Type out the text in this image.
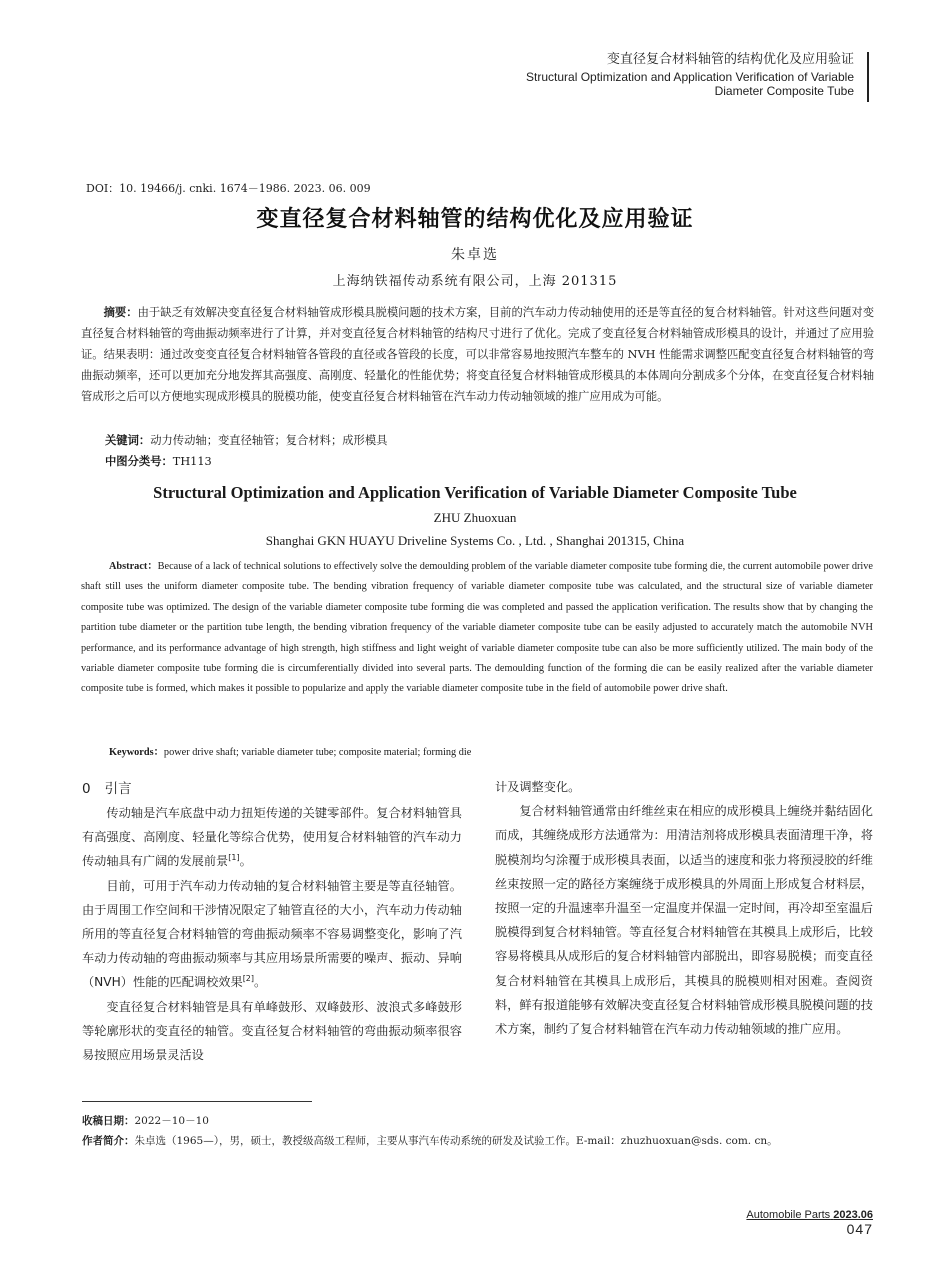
变直径复合材料轴管的结构优化及应用验证
Structural Optimization and Application Verification of Variable
Diameter Composite Tube
DOI：10. 19466/j. cnki. 1674－1986. 2023. 06. 009
变直径复合材料轴管的结构优化及应用验证
朱卓选
上海纳铁福传动系统有限公司，上海 201315
摘要：由于缺乏有效解决变直径复合材料轴管成形模具脱模问题的技术方案，目前的汽车动力传动轴使用的还是等直径的复合材料轴管。针对这些问题对变直径复合材料轴管的弯曲振动频率进行了计算，并对变直径复合材料轴管的结构尺寸进行了优化。完成了变直径复合材料轴管成形模具的设计，并通过了应用验证。结果表明：通过改变变直径复合材料轴管各管段的直径或各管段的长度，可以非常容易地按照汽车整车的 NVH 性能需求调整匹配变直径复合材料轴管的弯曲振动频率，还可以更加充分地发挥其高强度、高刚度、轻量化的性能优势；将变直径复合材料轴管成形模具的本体周向分割成多个分体，在变直径复合材料轴管成形之后可以方便地实现成形模具的脱模功能，使变直径复合材料轴管在汽车动力传动轴领域的推广应用成为可能。
关键词：动力传动轴；变直径轴管；复合材料；成形模具
中图分类号：TH113
Structural Optimization and Application Verification of Variable Diameter Composite Tube
ZHU Zhuoxuan
Shanghai GKN HUAYU Driveline Systems Co. , Ltd. , Shanghai 201315, China
Abstract：Because of a lack of technical solutions to effectively solve the demoulding problem of the variable diameter composite tube forming die, the current automobile power drive shaft still uses the uniform diameter composite tube. The bending vibration frequency of variable diameter composite tube was calculated, and the structural size of variable diameter composite tube was optimized. The design of the variable diameter composite tube forming die was completed and passed the application verification. The results show that by changing the partition tube diameter or the partition tube length, the bending vibration frequency of the variable diameter composite tube can be easily adjusted to accurately match the automobile NVH performance, and its performance advantage of high strength, high stiffness and light weight of variable diameter composite tube can also be more sufficiently utilized. The main body of the variable diameter composite tube forming die is circumferentially divided into several parts. The demoulding function of the forming die can be easily realized after the variable diameter composite tube is formed, which makes it possible to popularize and apply the variable diameter composite tube in the field of automobile power drive shaft.
Keywords：power drive shaft; variable diameter tube; composite material; forming die
0 引言

传动轴是汽车底盘中动力扭矩传递的关键零部件。复合材料轴管具有高强度、高刚度、轻量化等综合优势，使用复合材料轴管的汽车动力传动轴具有广阔的发展前景[1]。

目前，可用于汽车动力传动轴的复合材料轴管主要是等直径轴管。由于周围工作空间和干涉情况限定了轴管直径的大小，汽车动力传动轴所用的等直径复合材料轴管的弯曲振动频率不容易调整变化，影响了汽车动力传动轴的弯曲振动频率与其应用场景所需要的噪声、振动、异响（NVH）性能的匹配调校效果[2]。

变直径复合材料轴管是具有单峰鼓形、双峰鼓形、波浪式多峰鼓形等轮廓形状的变直径的轴管。变直径复合材料轴管的弯曲振动频率很容易按照应用场景灵活设

计及调整变化。

复合材料轴管通常由纤维丝束在相应的成形模具上缠绕并黏结固化而成，其缠绕成形方法通常为：用清洁剂将成形模具表面清理干净，将脱模剂均匀涂覆于成形模具表面，以适当的速度和张力将预浸胶的纤维丝束按照一定的路径方案缠绕于成形模具的外周面上形成复合材料层，按照一定的升温速率升温至一定温度并保温一定时间，再冷却至室温后脱模得到复合材料轴管。等直径复合材料轴管在其模具上成形后，比较容易将模具从成形后的复合材料轴管内部脱出，即容易脱模；而变直径复合材料轴管在其模具上成形后，其模具的脱模则相对困难。查阅资料，鲜有报道能够有效解决变直径复合材料轴管成形模具脱模问题的技术方案，制约了复合材料轴管在汽车动力传动轴领域的推广应用。

收稿日期：2022－10－10
作者简介：朱卓选（1965—），男，硕士，教授级高级工程师，主要从事汽车传动系统的研发及试验工作。E-mail：zhuzhuoxuan@sds. com. cn。
Automobile Parts 2023.06
047
